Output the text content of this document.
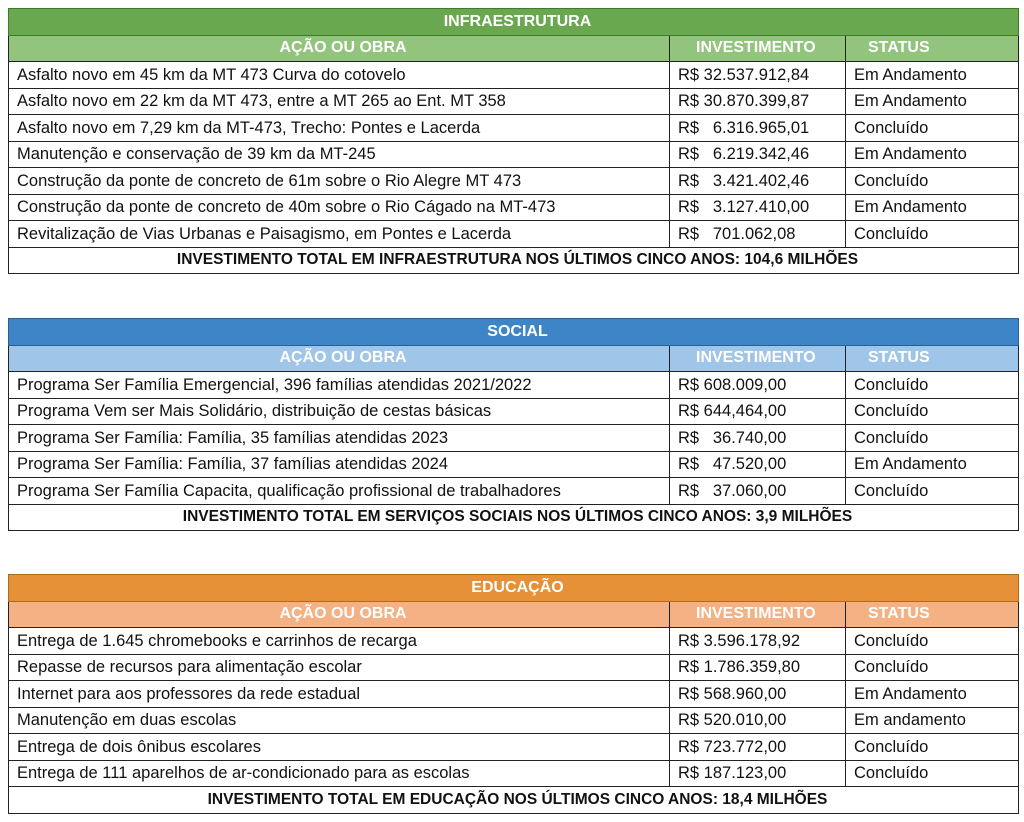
INFRAESTRUTURA		
AÇÃO OU OBRA	INVESTIMENTO	STATUS
Asfalto novo em 45 km da MT 473 Curva do cotovelo	R$ 32.537.912,84	Em Andamento
Asfalto novo em 22 km da MT 473, entre a MT 265 ao Ent. MT 358	R$ 30.870.399,87	Em Andamento
Asfalto novo em 7,29 km da MT-473, Trecho: Pontes e Lacerda	R$   6.316.965,01	Concluído
Manutenção e conservação de 39 km da MT-245	R$   6.219.342,46	Em Andamento
Construção da ponte de concreto de 61m sobre o Rio Alegre MT 473	R$   3.421.402,46	Concluído
Construção da ponte de concreto de 40m sobre o Rio Cágado na MT-473	R$   3.127.410,00	Em Andamento
Revitalização de Vias Urbanas e Paisagismo, em Pontes e Lacerda	R$   701.062,08	Concluído
INVESTIMENTO TOTAL EM INFRAESTRUTURA NOS ÚLTIMOS CINCO ANOS: 104,6 MILHÕES		
SOCIAL		
AÇÃO OU OBRA	INVESTIMENTO	STATUS
Programa Ser Família Emergencial, 396 famílias atendidas 2021/2022	R$ 608.009,00	Concluído
Programa Vem ser Mais Solidário, distribuição de cestas básicas	R$ 644,464,00	Concluído
Programa Ser Família: Família, 35 famílias atendidas 2023	R$   36.740,00	Concluído
Programa Ser Família: Família, 37 famílias atendidas 2024	R$   47.520,00	Em Andamento
Programa Ser Família Capacita, qualificação profissional de trabalhadores	R$   37.060,00	Concluído
INVESTIMENTO TOTAL EM SERVIÇOS SOCIAIS NOS ÚLTIMOS CINCO ANOS: 3,9 MILHÕES		
EDUCAÇÃO		
AÇÃO OU OBRA	INVESTIMENTO	STATUS
Entrega de 1.645 chromebooks e carrinhos de recarga	R$ 3.596.178,92	Concluído
Repasse de recursos para alimentação escolar	R$ 1.786.359,80	Concluído
Internet para aos professores da rede estadual	R$ 568.960,00	Em Andamento
Manutenção em duas escolas	R$ 520.010,00	Em andamento
Entrega de dois ônibus escolares	R$ 723.772,00	Concluído
Entrega de 111 aparelhos de ar-condicionado para as escolas	R$ 187.123,00	Concluído
INVESTIMENTO TOTAL EM EDUCAÇÃO NOS ÚLTIMOS CINCO ANOS: 18,4 MILHÕES		
